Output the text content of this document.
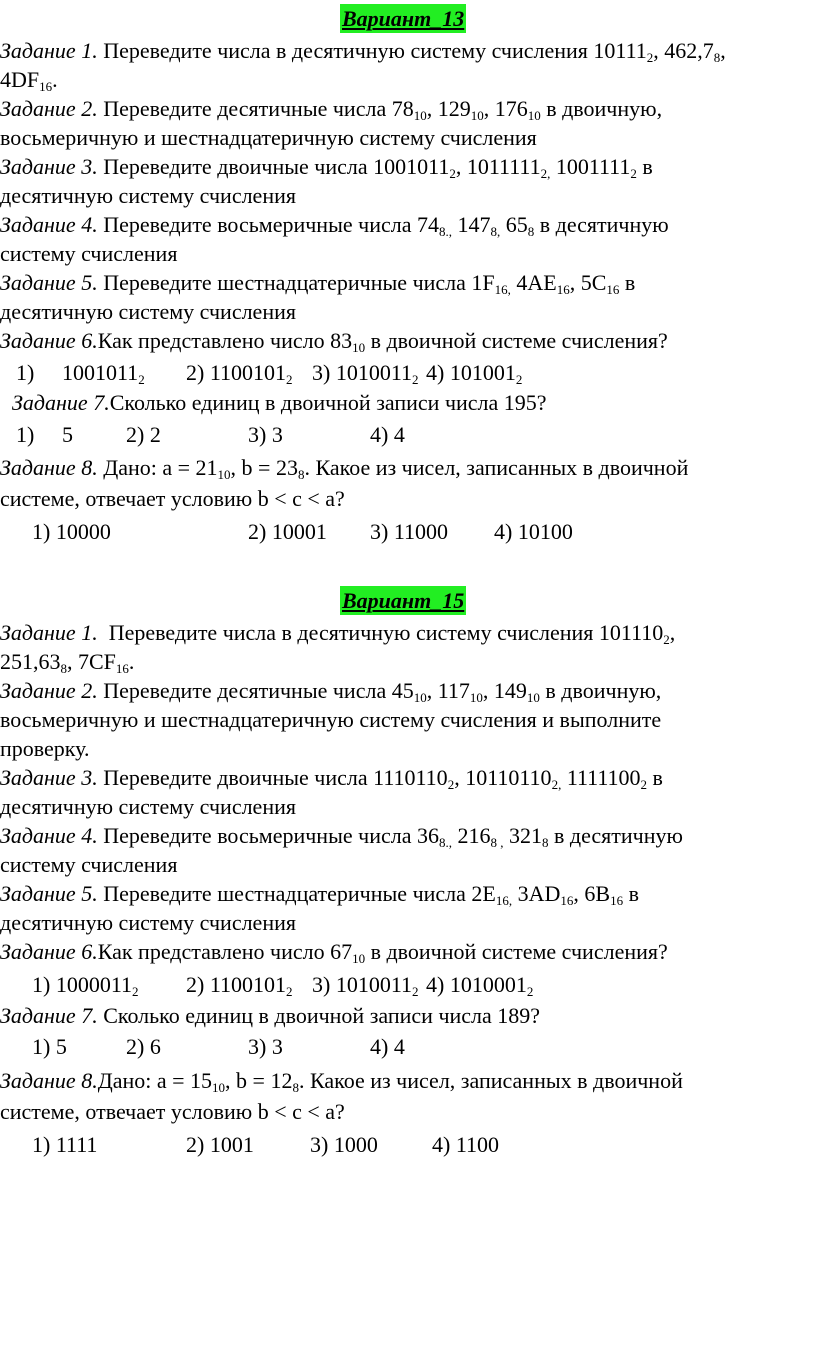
Вариант_13
Задание 1. Переведите числа в десятичную систему счисления $10111_2$, $462,7_8$,
$4DF_{16}$.
Задание 2. Переведите десятичные числа $78_{10}$, $129_{10}$, $176_{10}$ в двоичную,
восьмеричную и шестнадцатеричную систему счисления
Задание 3. Переведите двоичные числа $1001011_2$, $1011111_{2,}$ $1001111_2$ в
десятичную систему счисления
Задание 4. Переведите восьмеричные числа $74_{8.,}$ $147_{8,}$ $65_8$ в десятичную
систему счисления
Задание 5. Переведите шестнадцатеричные числа $1F_{16,}$ $4AE_{16}$, $5C_{16}$ в
десятичную систему счисления
Задание 6.Как представлено число $83_{10}$ в двоичной системе счисления?
1) $1001011_2$ 2) $1100101_2$ 3) $1010011_2$ 4) $101001_2$
Задание 7.Сколько единиц в двоичной записи числа 195?
1) 5 2) 2	3) 3	4) 4
Задание 8. Дано: $а = 21_{10}$, $b = 23_8$. Какое из чисел, записанных в двоичной
системе, отвечает условию b < c < a?
1) 10000	2) 10001 3) 11000 4) 10100
Вариант_15
Задание 1.  Переведите числа в десятичную систему счисления $101110_2$,
$251,63_8$, $7CF_{16}$.
Задание 2. Переведите десятичные числа $45_{10}$, $117_{10}$, $149_{10}$ в двоичную,
восьмеричную и шестнадцатеричную систему счисления и выполните
проверку.
Задание 3. Переведите двоичные числа $1110110_2$, $10110110_{2,}$ $1111100_2$ в
десятичную систему счисления
Задание 4. Переведите восьмеричные числа $36_{8.,}$ $216_{8 ,}$ $321_8$ в десятичную
систему счисления
Задание 5. Переведите шестнадцатеричные числа $2E_{16,}$ $3AD_{16}$, $6B_{16}$ в
десятичную систему счисления
Задание 6.Как представлено число $67_{10}$ в двоичной системе счисления?
1) $1000011_2$ 2) $1100101_2$ 3) $1010011_2$ 4) $1010001_2$
Задание 7. Сколько единиц в двоичной записи числа 189?
1) 5	2) 6	3) 3	4) 4
Задание 8.Дано: $а = 15_{10}$, $b = 12_8$. Какое из чисел, записанных в двоичной
системе, отвечает условию b < c < a?
1) 1111	2) 1001	3) 1000 4) 1100
